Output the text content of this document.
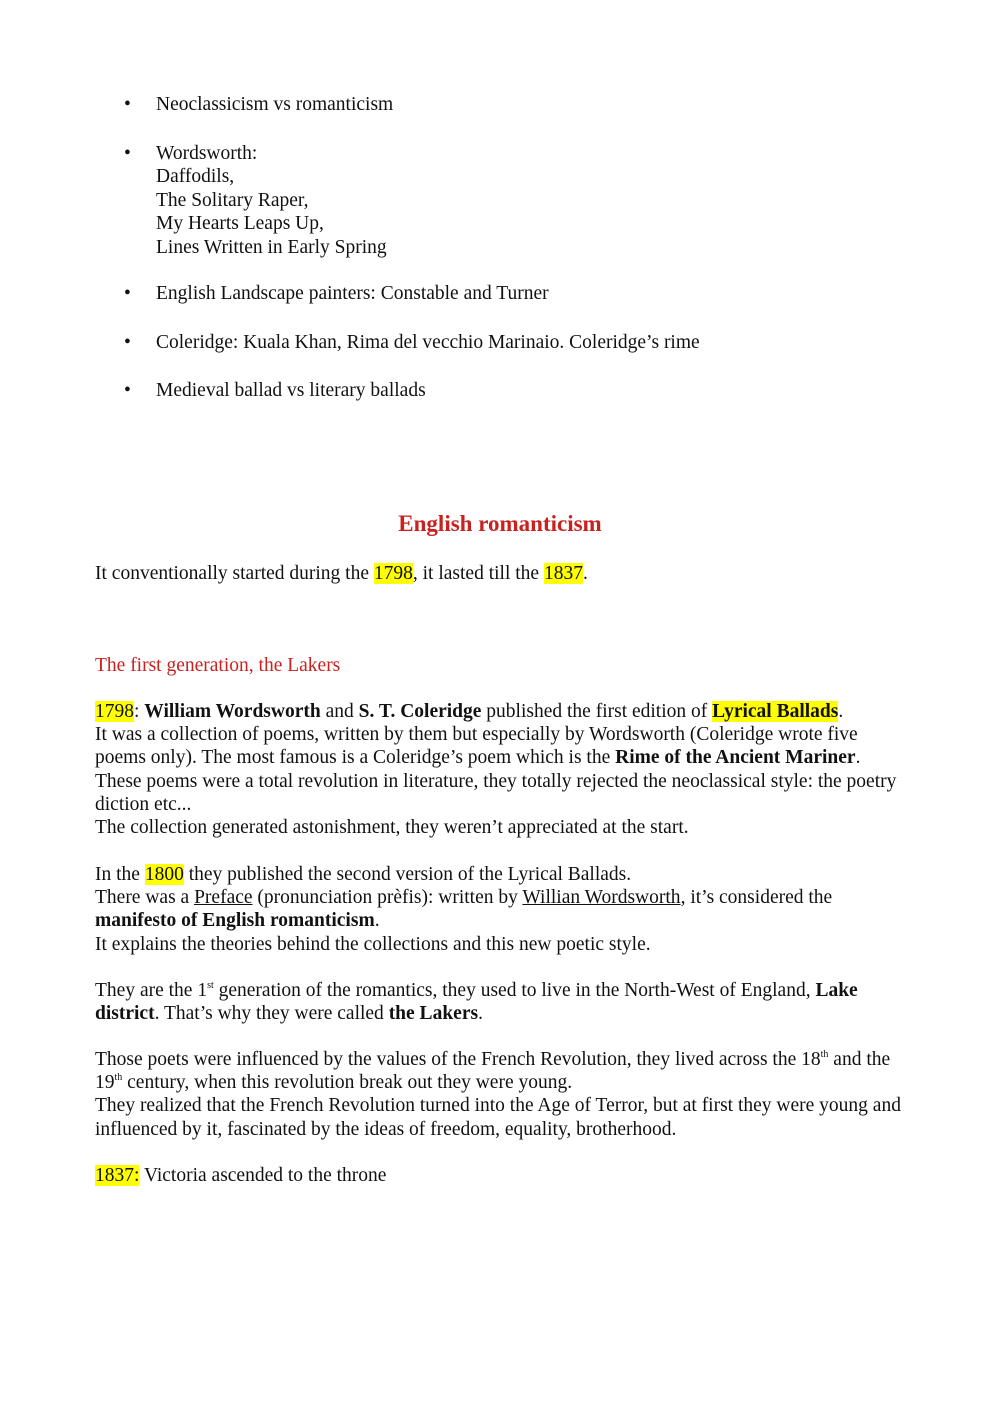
• Neoclassicism vs romanticism
• Wordsworth:
Daffodils,
The Solitary Raper,
My Hearts Leaps Up,
Lines Written in Early Spring
• English Landscape painters: Constable and Turner
• Coleridge: Kuala Khan, Rima del vecchio Marinaio. Coleridge’s rime
• Medieval ballad vs literary ballads
English romanticism

It conventionally started during the 1798, it lasted till the 1837.

The first generation, the Lakers

1798: William Wordsworth and S. T. Coleridge published the first edition of Lyrical Ballads.
It was a collection of poems, written by them but especially by Wordsworth (Coleridge wrote five poems only). The most famous is a Coleridge’s poem which is the Rime of the Ancient Mariner.
These poems were a total revolution in literature, they totally rejected the neoclassical style: the poetry diction etc...
The collection generated astonishment, they weren’t appreciated at the start.

In the 1800 they published the second version of the Lyrical Ballads.
There was a Preface (pronunciation prèfis): written by Willian Wordsworth, it’s considered the manifesto of English romanticism.
It explains the theories behind the collections and this new poetic style.

They are the 1st generation of the romantics, they used to live in the North-West of England, Lake district. That’s why they were called the Lakers.

Those poets were influenced by the values of the French Revolution, they lived across the 18th and the 19th century, when this revolution break out they were young.
They realized that the French Revolution turned into the Age of Terror, but at first they were young and influenced by it, fascinated by the ideas of freedom, equality, brotherhood.

1837: Victoria ascended to the throne
